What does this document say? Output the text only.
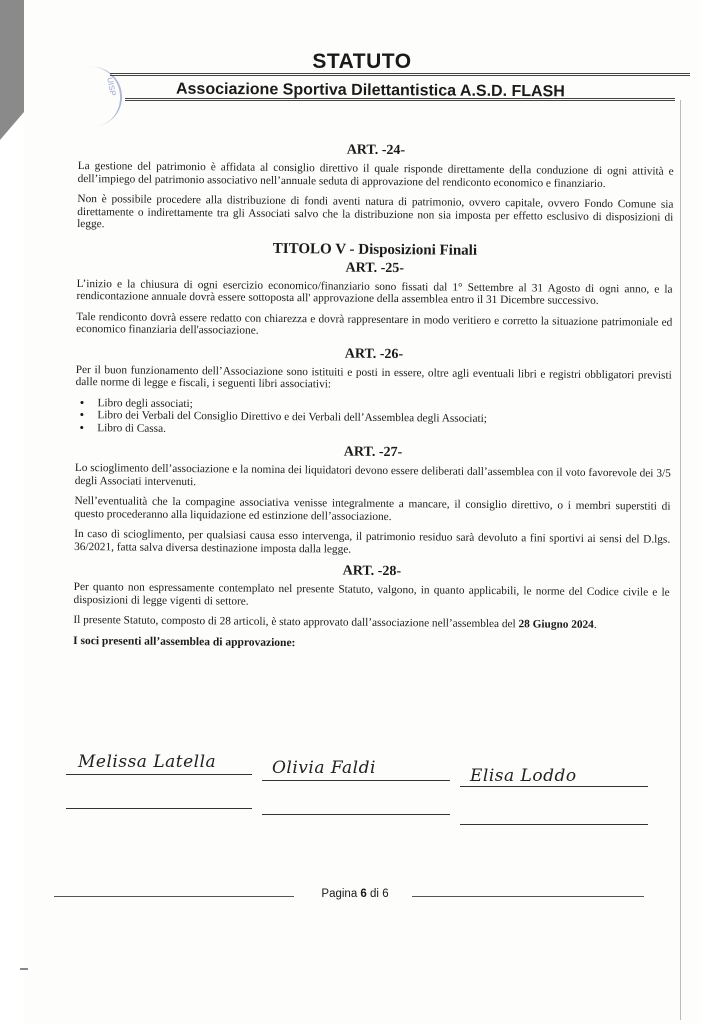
UISP
STATUTO
Associazione Sportiva Dilettantistica A.S.D. FLASH
ART. -24-

La gestione del patrimonio è affidata al consiglio direttivo il quale risponde direttamente della conduzione di ogni attività e dell’impiego del patrimonio associativo nell’annuale seduta di approvazione del rendiconto economico e finanziario.

Non è possibile procedere alla distribuzione di fondi aventi natura di patrimonio, ovvero capitale, ovvero Fondo Comune sia direttamente o indirettamente tra gli Associati salvo che la distribuzione non sia imposta per effetto esclusivo di disposizioni di legge.

TITOLO V - Disposizioni Finali
ART. -25-

L’inizio e la chiusura di ogni esercizio economico/finanziario sono fissati dal 1° Settembre al 31 Agosto di ogni anno, e la rendicontazione annuale dovrà essere sottoposta all' approvazione della assemblea entro il 31 Dicembre successivo.

Tale rendiconto dovrà essere redatto con chiarezza e dovrà rappresentare in modo veritiero e corretto la situazione patrimoniale ed economico finanziaria dell'associazione.

ART. -26-

Per il buon funzionamento dell’Associazione sono istituiti e posti in essere, oltre agli eventuali libri e registri obbligatori previsti dalle norme di legge e fiscali, i seguenti libri associativi:

• Libro degli associati;
• Libro dei Verbali del Consiglio Direttivo e dei Verbali dell’Assemblea degli Associati;
• Libro di Cassa.
ART. -27-

Lo scioglimento dell’associazione e la nomina dei liquidatori devono essere deliberati dall’assemblea con il voto favorevole dei 3/5 degli Associati intervenuti.

Nell’eventualità che la compagine associativa venisse integralmente a mancare, il consiglio direttivo, o i membri superstiti di questo procederanno alla liquidazione ed estinzione dell’associazione.

In caso di scioglimento, per qualsiasi causa esso intervenga, il patrimonio residuo sarà devoluto a fini sportivi ai sensi del D.lgs. 36/2021, fatta salva diversa destinazione imposta dalla legge.

ART. -28-

Per quanto non espressamente contemplato nel presente Statuto, valgono, in quanto applicabili, le norme del Codice civile e le disposizioni di legge vigenti di settore.

Il presente Statuto, composto di 28 articoli, è stato approvato dall’associazione nell’assemblea del 28 Giugno 2024.

I soci presenti all’assemblea di approvazione:
Melissa Latella	Olivia Faldi	Elisa Loddo
Pagina 6 di 6
